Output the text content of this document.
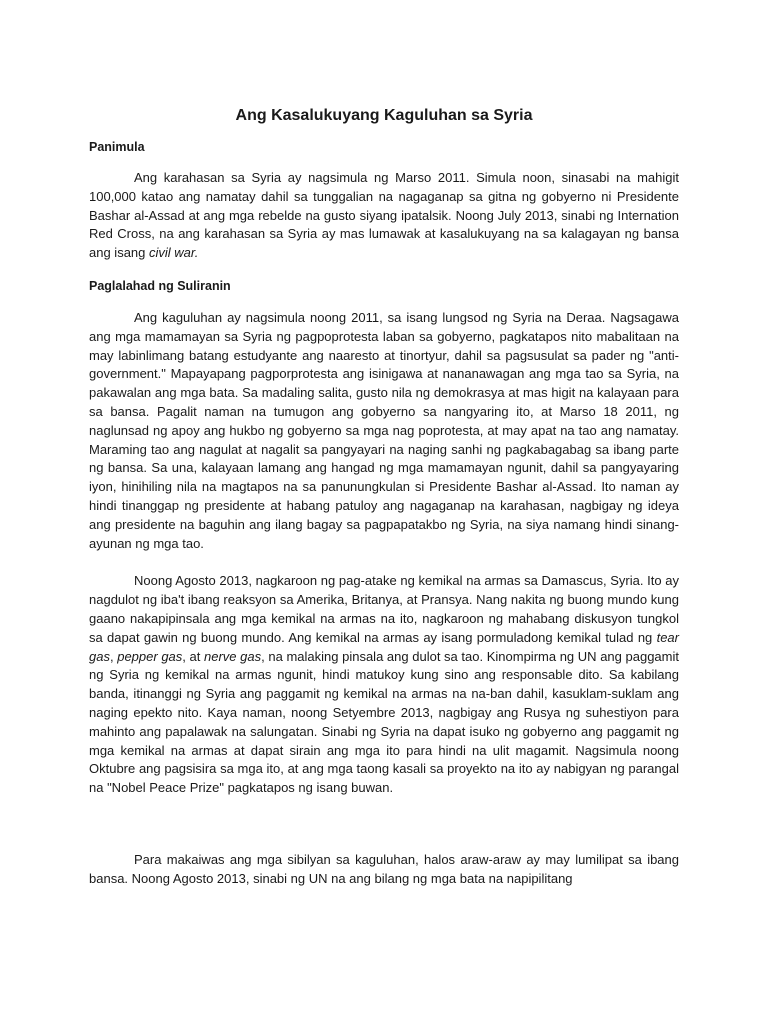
Ang Kasalukuyang Kaguluhan sa Syria
Panimula

Ang karahasan sa Syria ay nagsimula ng Marso 2011. Simula noon, sinasabi na mahigit 100,000 katao ang namatay dahil sa tunggalian na nagaganap sa gitna ng gobyerno ni Presidente Bashar al-Assad at ang mga rebelde na gusto siyang ipatalsik. Noong July 2013, sinabi ng Internation Red Cross, na ang karahasan sa Syria ay mas lumawak at kasalukuyang na sa kalagayan ng bansa ang isang civil war.

Paglalahad ng Suliranin

Ang kaguluhan ay nagsimula noong 2011, sa isang lungsod ng Syria na Deraa. Nagsagawa ang mga mamamayan sa Syria ng pagpoprotesta laban sa gobyerno, pagkatapos nito mabalitaan na may labinlimang batang estudyante ang naaresto at tinortyur, dahil sa pagsusulat sa pader ng "anti-government." Mapayapang pagporprotesta ang isinigawa at nananawagan ang mga tao sa Syria, na pakawalan ang mga bata. Sa madaling salita, gusto nila ng demokrasya at mas higit na kalayaan para sa bansa. Pagalit naman na tumugon ang gobyerno sa nangyaring ito, at Marso 18 2011, ng naglunsad ng apoy ang hukbo ng gobyerno sa mga nag poprotesta, at may apat na tao ang namatay. Maraming tao ang nagulat at nagalit sa pangyayari na naging sanhi ng pagkabagabag sa ibang parte ng bansa. Sa una, kalayaan lamang ang hangad ng mga mamamayan ngunit, dahil sa pangyayaring iyon, hinihiling nila na magtapos na sa panunungkulan si Presidente Bashar al-Assad. Ito naman ay hindi tinanggap ng presidente at habang patuloy ang nagaganap na karahasan, nagbigay ng ideya ang presidente na baguhin ang ilang bagay sa pagpapatakbo ng Syria, na siya namang hindi sinang-ayunan ng mga tao.

Noong Agosto 2013, nagkaroon ng pag-atake ng kemikal na armas sa Damascus, Syria. Ito ay nagdulot ng iba't ibang reaksyon sa Amerika, Britanya, at Pransya. Nang nakita ng buong mundo kung gaano nakapipinsala ang mga kemikal na armas na ito, nagkaroon ng mahabang diskusyon tungkol sa dapat gawin ng buong mundo. Ang kemikal na armas ay isang pormuladong kemikal tulad ng tear gas, pepper gas, at nerve gas, na malaking pinsala ang dulot sa tao. Kinompirma ng UN ang paggamit ng Syria ng kemikal na armas ngunit, hindi matukoy kung sino ang responsable dito. Sa kabilang banda, itinanggi ng Syria ang paggamit ng kemikal na armas na na-ban dahil, kasuklam-suklam ang naging epekto nito. Kaya naman, noong Setyembre 2013, nagbigay ang Rusya ng suhestiyon para mahinto ang papalawak na salungatan. Sinabi ng Syria na dapat isuko ng gobyerno ang paggamit ng mga kemikal na armas at dapat sirain ang mga ito para hindi na ulit magamit. Nagsimula noong Oktubre ang pagsisira sa mga ito, at ang mga taong kasali sa proyekto na ito ay nabigyan ng parangal na "Nobel Peace Prize" pagkatapos ng isang buwan.

Para makaiwas ang mga sibilyan sa kaguluhan, halos araw-araw ay may lumilipat sa ibang bansa. Noong Agosto 2013, sinabi ng UN na ang bilang ng mga bata na napipilitang
